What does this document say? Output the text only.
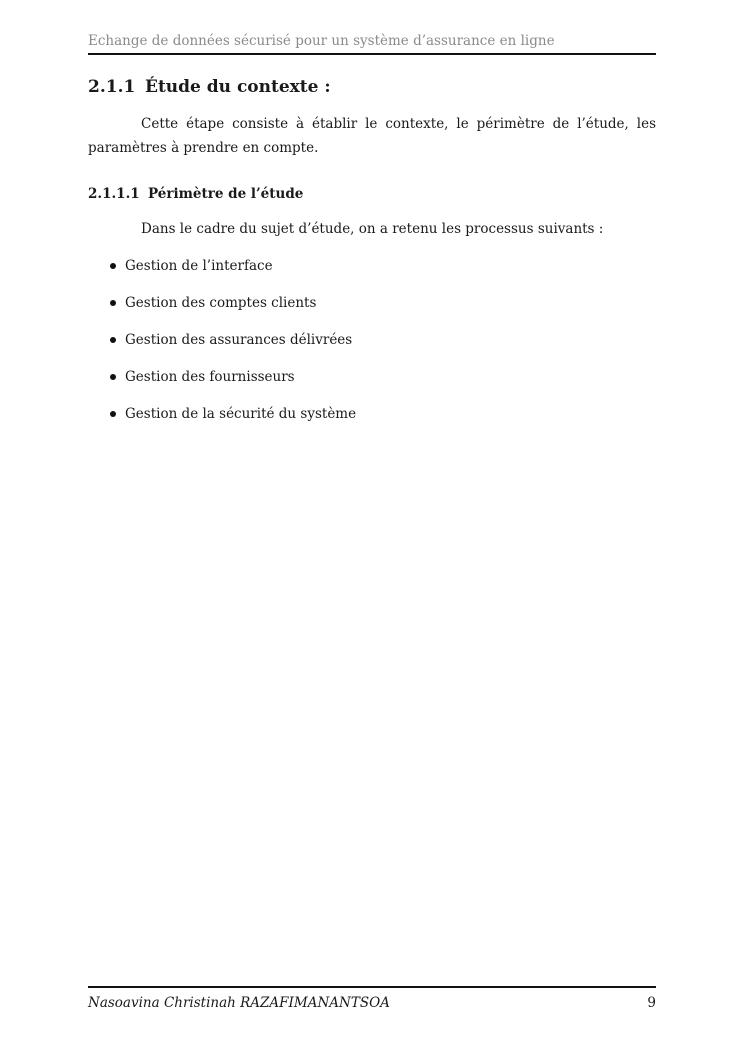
Echange de données sécurisé pour un système d’assurance en ligne
2.1.1 Étude du contexte :

Cette étape consiste à établir le contexte, le périmètre de l’étude, les paramètres à prendre en compte.

2.1.1.1 Périmètre de l’étude

Dans le cadre du sujet d’étude, on a retenu les processus suivants :

Gestion de l’interface
Gestion des comptes clients
Gestion des assurances délivrées
Gestion des fournisseurs
Gestion de la sécurité du système
Nasoavina Christinah RAZAFIMANANTSOA	9
